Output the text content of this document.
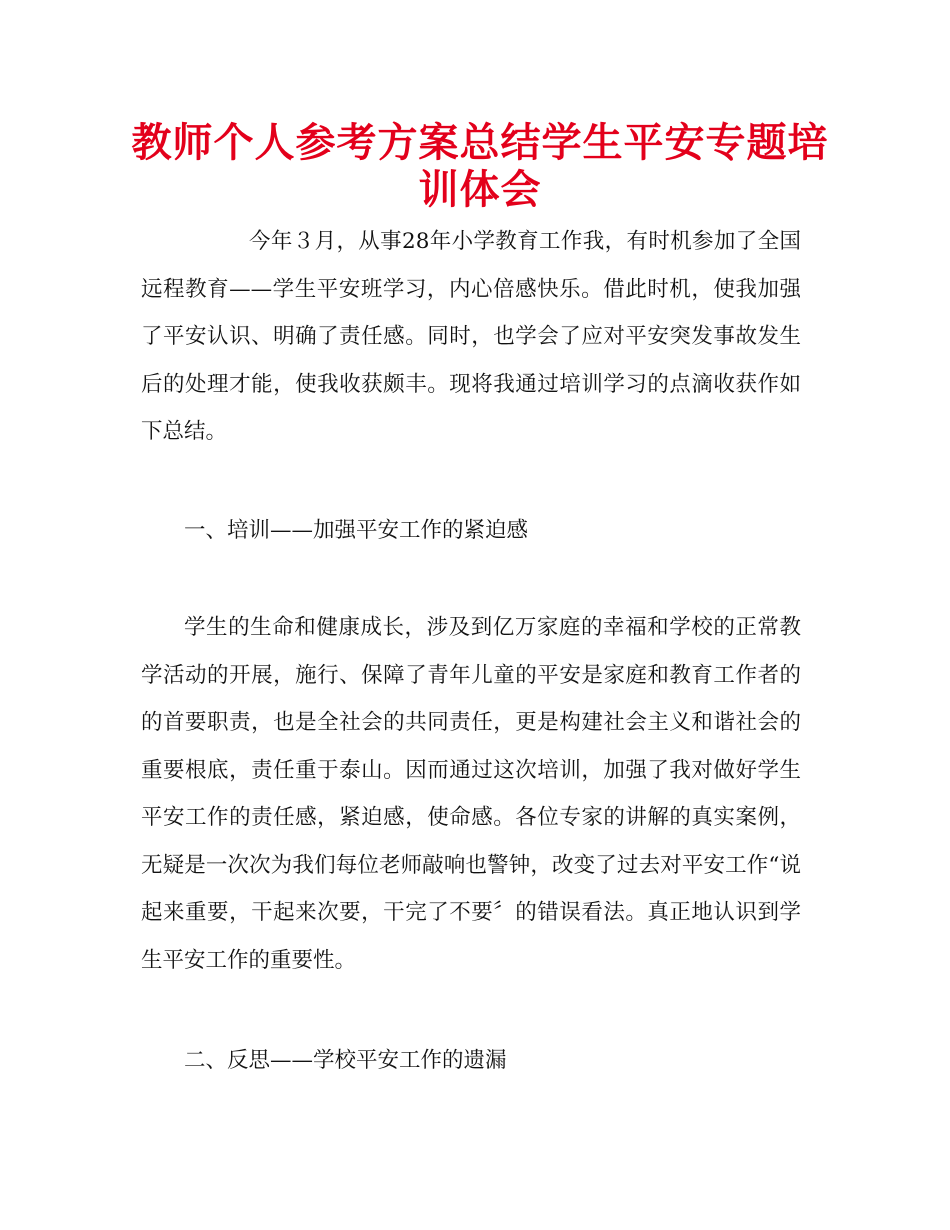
教师个人参考方案总结学生平安专题培训体会

今年３月，从事28年小学教育工作我，有时机参加了全国远程教育——学生平安班学习，内心倍感快乐。借此时机，使我加强了平安认识、明确了责任感。同时，也学会了应对平安突发事故发生后的处理才能，使我收获颇丰。现将我通过培训学习的点滴收获作如下总结。

一、培训——加强平安工作的紧迫感

学生的生命和健康成长，涉及到亿万家庭的幸福和学校的正常教学活动的开展，施行、保障了青年儿童的平安是家庭和教育工作者的的首要职责，也是全社会的共同责任，更是构建社会主义和谐社会的重要根底，责任重于泰山。因而通过这次培训，加强了我对做好学生平安工作的责任感，紧迫感，使命感。各位专家的讲解的真实案例，无疑是一次次为我们每位老师敲响也警钟，改变了过去对平安工作“说起来重要，干起来次要，干完了不要〞的错误看法。真正地认识到学生平安工作的重要性。

二、反思——学校平安工作的遗漏
